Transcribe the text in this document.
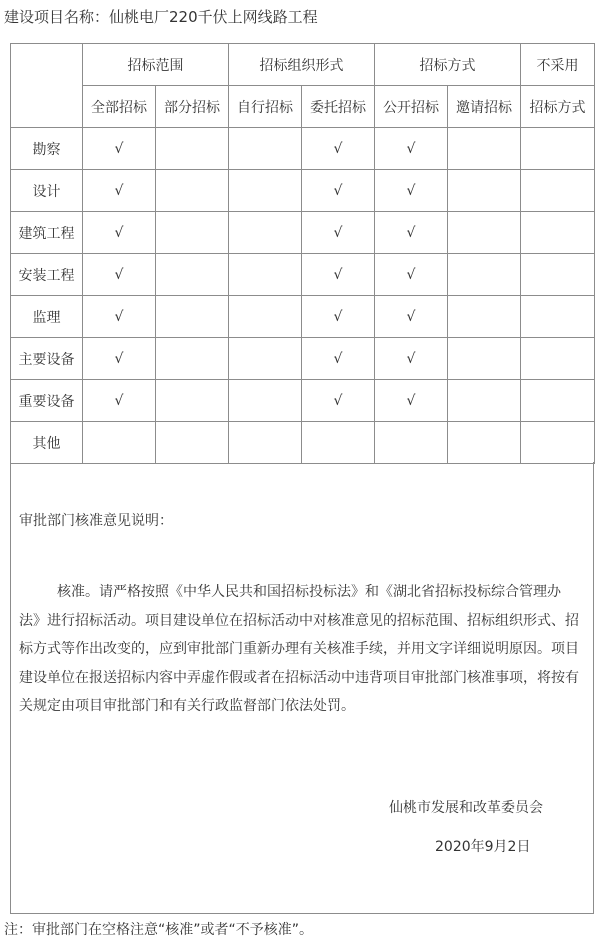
建设项目名称：仙桃电厂220千伏上网线路工程
	招标范围		招标组织形式		招标方式		不采用
	全部招标	部分招标	自行招标	委托招标	公开招标	邀请招标	招标方式
勘察	√			√	√		
设计	√			√	√		
建筑工程	√			√	√		
安装工程	√			√	√		
监理	√			√	√		
主要设备	√			√	√		
重要设备	√			√	√		
其他							
审批部门核准意见说明：
核准。请严格按照《中华人民共和国招标投标法》和《湖北省招标投标综合管理办法》进行招标活动。项目建设单位在招标活动中对核准意见的招标范围、招标组织形式、招标方式等作出改变的，应到审批部门重新办理有关核准手续，并用文字详细说明原因。项目建设单位在报送招标内容中弄虚作假或者在招标活动中违背项目审批部门核准事项，将按有关规定由项目审批部门和有关行政监督部门依法处罚。
仙桃市发展和改革委员会
2020年9月2日
注：审批部门在空格注意“核准”或者“不予核准”。
